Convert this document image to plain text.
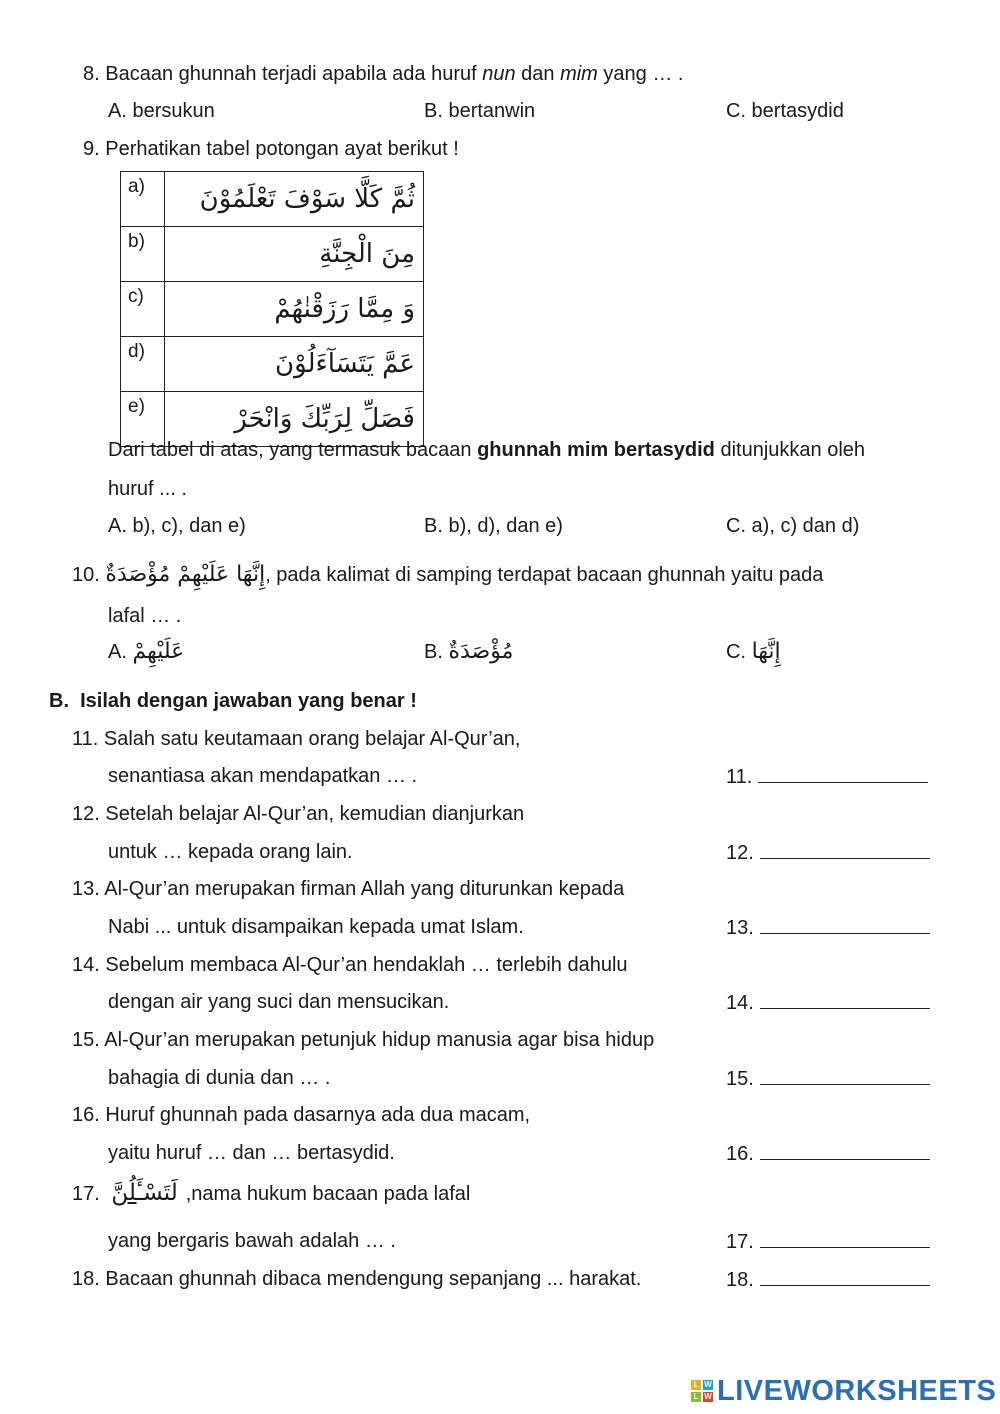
8. Bacaan ghunnah terjadi apabila ada huruf nun dan mim yang … .
A. bersukun	B. bertanwin	C. bertasydid
9. Perhatikan tabel potongan ayat berikut !
a)	ثُمَّ كَلَّا سَوْفَ تَعْلَمُوْنَ
b)	مِنَ الْجِنَّةِ
c)	وَ مِمَّا رَزَقْنٰهُمْ
d)	عَمَّ يَتَسَآءَلُوْنَ
e)	فَصَلِّ لِرَبِّكَ وَانْحَرْ
Dari tabel di atas, yang termasuk bacaan ghunnah mim bertasydid ditunjukkan oleh
huruf ... .
A. b), c), dan e)	B. b), d), dan e)	C. a), c) dan d)
10. إِنَّهَا عَلَيْهِمْ مُؤْصَدَةٌ, pada kalimat di samping terdapat bacaan ghunnah yaitu pada
lafal … .
A. عَلَيْهِمْ	B. مُؤْصَدَةٌ	C. إِنَّهَا
B. Isilah dengan jawaban yang benar !
11. Salah satu keutamaan orang belajar Al-Qur’an,
senantiasa akan mendapatkan … .	11.
12. Setelah belajar Al-Qur’an, kemudian dianjurkan
untuk … kepada orang lain.	12.
13. Al-Qur’an merupakan firman Allah yang diturunkan kepada
Nabi ... untuk disampaikan kepada umat Islam.	13.
14. Sebelum membaca Al-Qur’an hendaklah … terlebih dahulu
dengan air yang suci dan mensucikan.	14.
15. Al-Qur’an merupakan petunjuk hidup manusia agar bisa hidup
bahagia di dunia dan … .	15.
16. Huruf ghunnah pada dasarnya ada dua macam,
yaitu huruf … dan … bertasydid.	16.
17. لَتَسْـَٔلُنَّ ,nama hukum bacaan pada lafal
yang bergaris bawah adalah … .	17.
18. Bacaan ghunnah dibaca mendengung sepanjang ... harakat.	18.
L W
L W LIVEWORKSHEETS
